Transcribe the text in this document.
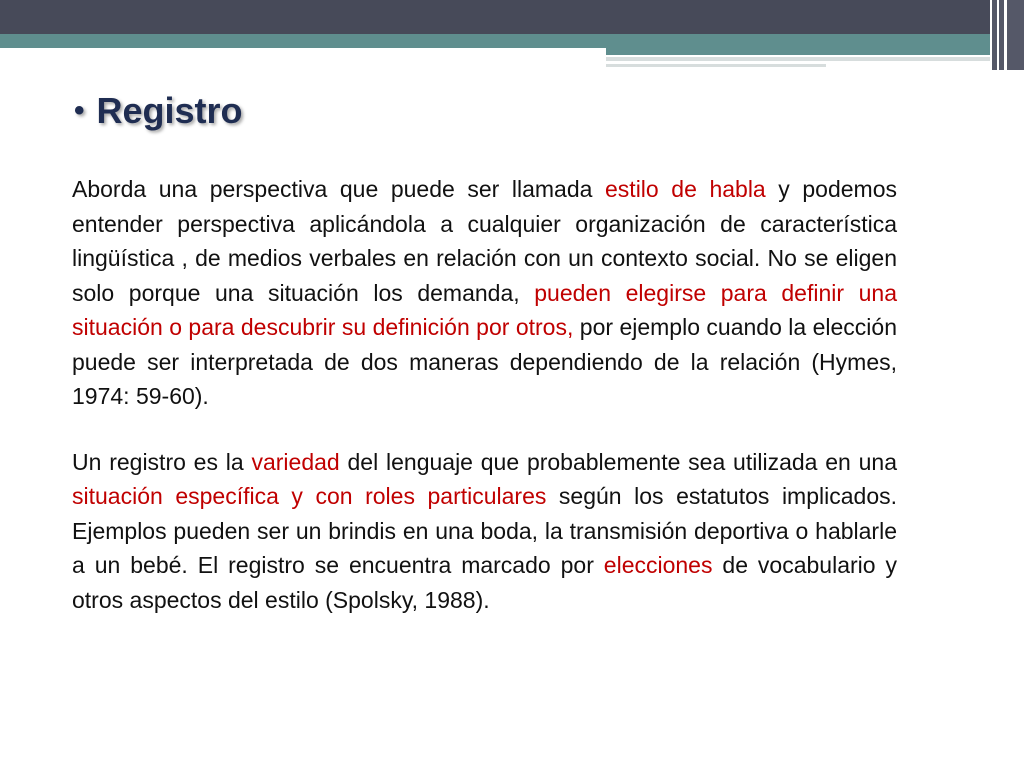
• Registro

Aborda una perspectiva que puede ser llamada estilo de habla y podemos entender perspectiva aplicándola a cualquier organización de característica lingüística , de medios verbales en relación con un contexto social. No se eligen solo porque una situación los demanda, pueden elegirse para definir una situación o para descubrir su definición por otros, por ejemplo cuando la elección puede ser interpretada de dos maneras dependiendo de la relación (Hymes, 1974: 59-60).

Un registro es la variedad del lenguaje que probablemente sea utilizada en una situación específica y con roles particulares según los estatutos implicados. Ejemplos pueden ser un brindis en una boda, la transmisión deportiva o hablarle a un bebé. El registro se encuentra marcado por elecciones de vocabulario y otros aspectos del estilo (Spolsky, 1988).
